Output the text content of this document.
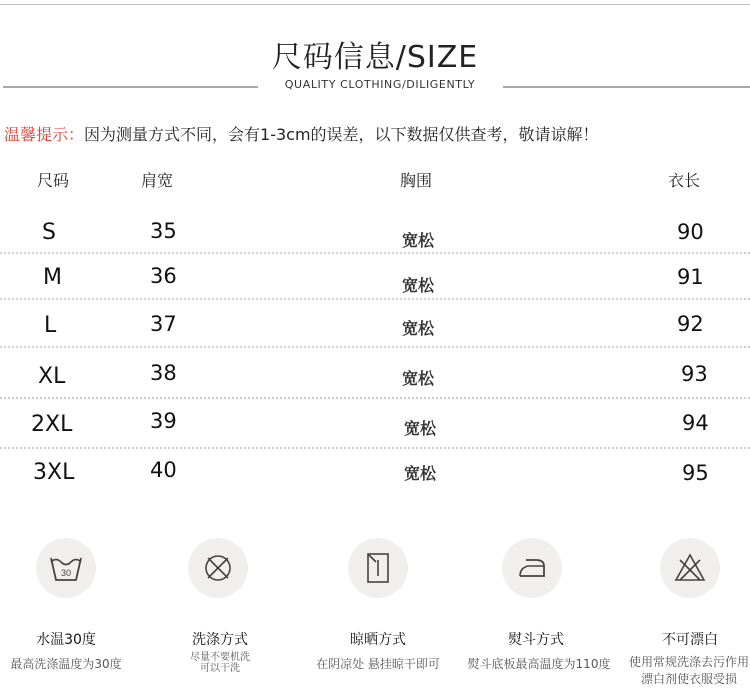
尺码信息/SIZE
QUALITY CLOTHING/DILIGENTLY
温馨提示：因为测量方式不同，会有1-3cm的误差，以下数据仅供查考，敬请谅解！
尺码	肩宽	胸围	衣长
S	35	宽松	90
M	36	宽松	91
L	37	宽松	92
XL	38	宽松	93
2XL	39	宽松	94
3XL	40	宽松	95
30
水温30度
最高洗涤温度为30度
洗涤方式
尽量不要机洗
可以干洗
晾晒方式
在阴凉处 悬挂晾干即可
熨斗方式
熨斗底板最高温度为110度
不可漂白
使用常规洗涤去污作用
漂白剂使衣服受损
